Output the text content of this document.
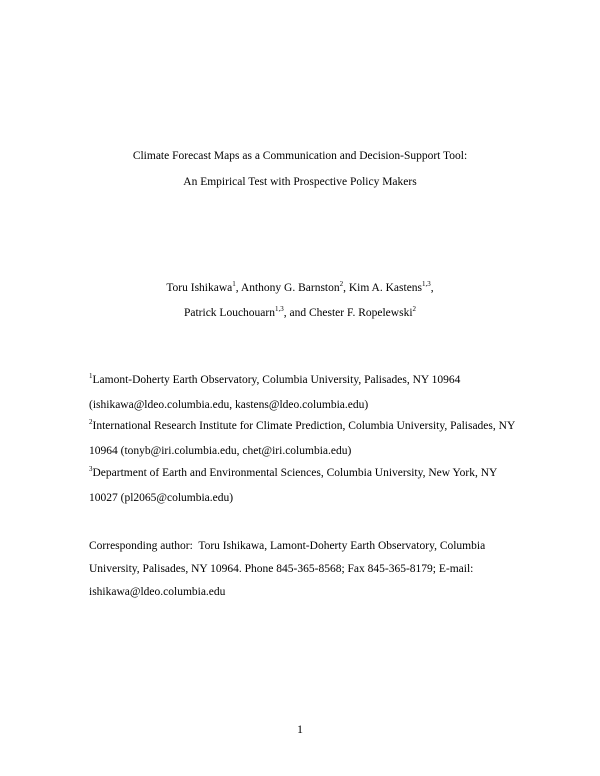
Climate Forecast Maps as a Communication and Decision-Support Tool:
An Empirical Test with Prospective Policy Makers
Toru Ishikawa$^1$, Anthony G. Barnston$^2$, Kim A. Kastens$^{1,3}$,
Patrick Louchouarn$^{1,3}$, and Chester F. Ropelewski$^2$
$^1$Lamont-Doherty Earth Observatory, Columbia University, Palisades, NY 10964
(ishikawa@ldeo.columbia.edu, kastens@ldeo.columbia.edu)
$^2$International Research Institute for Climate Prediction, Columbia University, Palisades, NY
10964 (tonyb@iri.columbia.edu, chet@iri.columbia.edu)
$^3$Department of Earth and Environmental Sciences, Columbia University, New York, NY
10027 (pl2065@columbia.edu)
Corresponding author:  Toru Ishikawa, Lamont-Doherty Earth Observatory, Columbia
University, Palisades, NY 10964. Phone 845-365-8568; Fax 845-365-8179; E-mail:
ishikawa@ldeo.columbia.edu
1
